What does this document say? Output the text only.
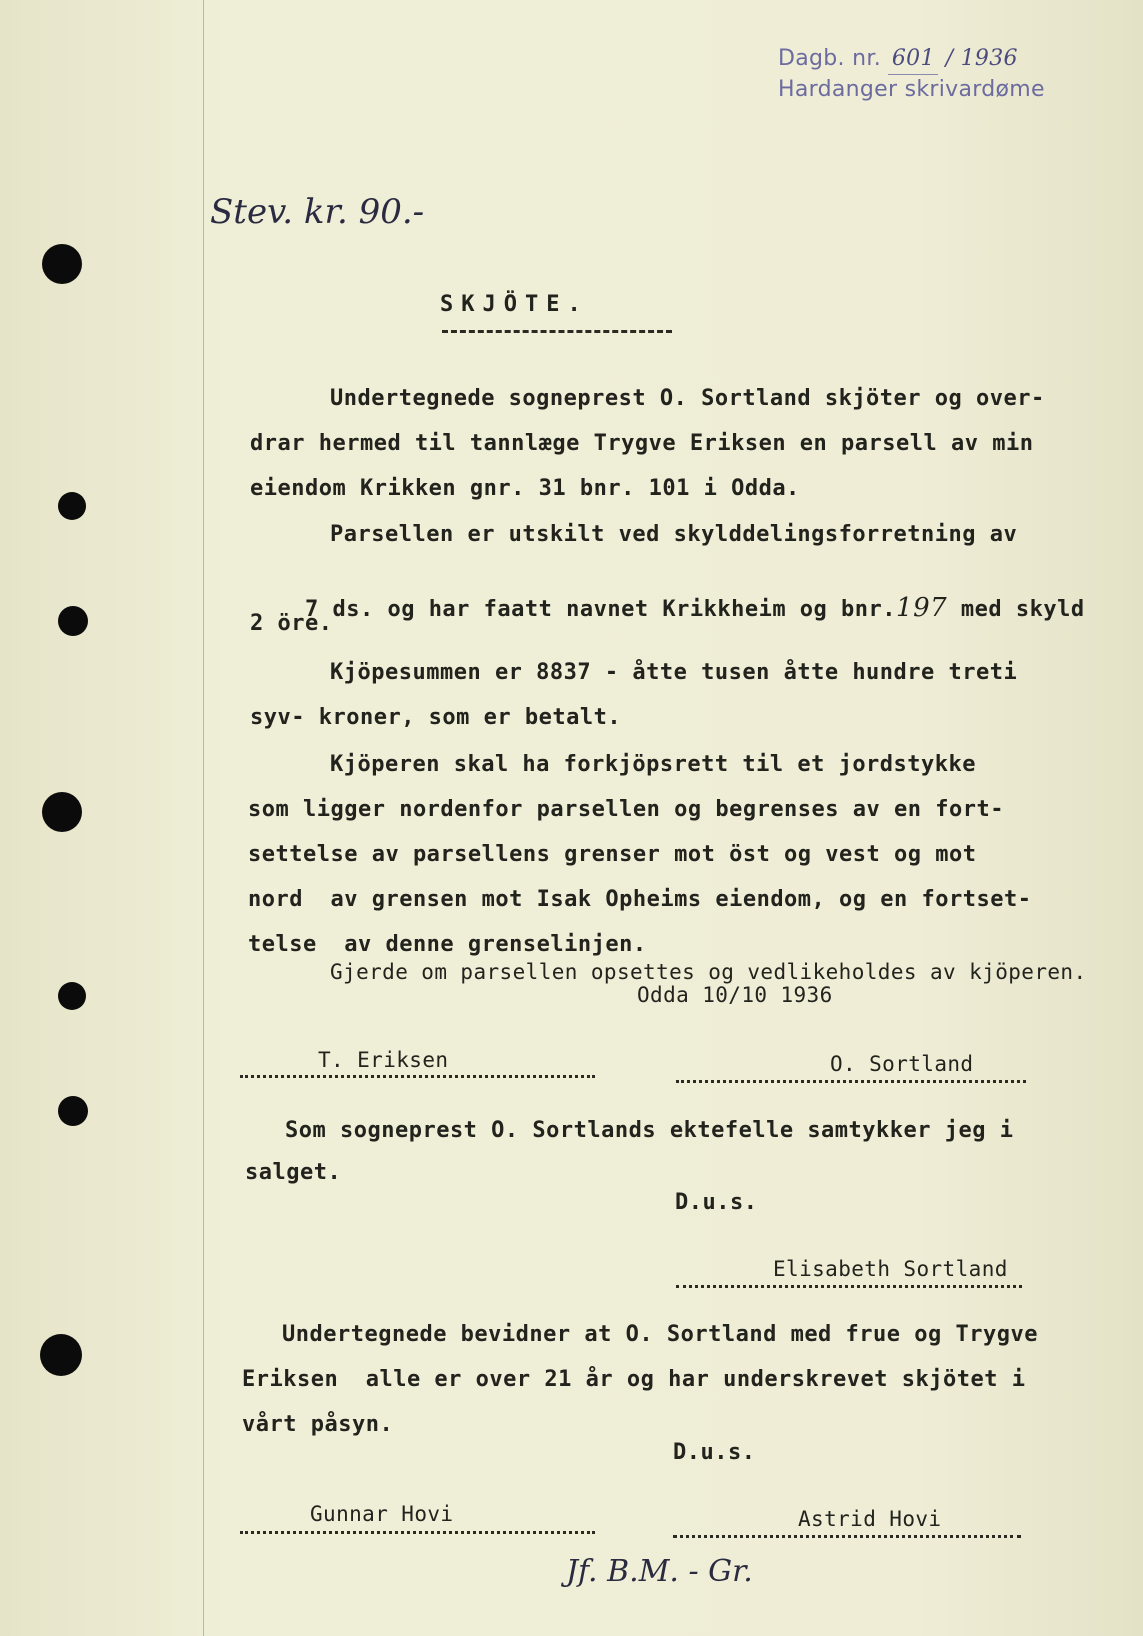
Dagb. nr. 601 / 1936
Hardanger skrivardøme
Stev. kr. 90.-
SKJÖTE.
Undertegnede sogneprest O. Sortland skjöter og over-
drar hermed til tannlæge Trygve Eriksen en parsell av min
eiendom Krikken gnr. 31 bnr. 101 i Odda.
Parsellen er utskilt ved skylddelingsforretning av

7 ds. og har faatt navnet Krikkheim og bnr.197 med skyld

2 öre.
Kjöpesummen er 8837 - åtte tusen åtte hundre treti
syv- kroner, som er betalt.
Kjöperen skal ha forkjöpsrett til et jordstykke
som ligger nordenfor parsellen og begrenses av en fort-
settelse av parsellens grenser mot öst og vest og mot
nord  av grensen mot Isak Opheims eiendom, og en fortset-
telse  av denne grenselinjen.
Gjerde om parsellen opsettes og vedlikeholdes av kjöperen.
Odda 10/10 1936
T. Eriksen	O. Sortland
Som sogneprest O. Sortlands ektefelle samtykker jeg i
salget.
D.u.s.
Elisabeth Sortland
Undertegnede bevidner at O. Sortland med frue og Trygve
Eriksen  alle er over 21 år og har underskrevet skjötet i
vårt påsyn.
D.u.s.
Gunnar Hovi	Astrid Hovi
Jf. B.M. - Gr.
